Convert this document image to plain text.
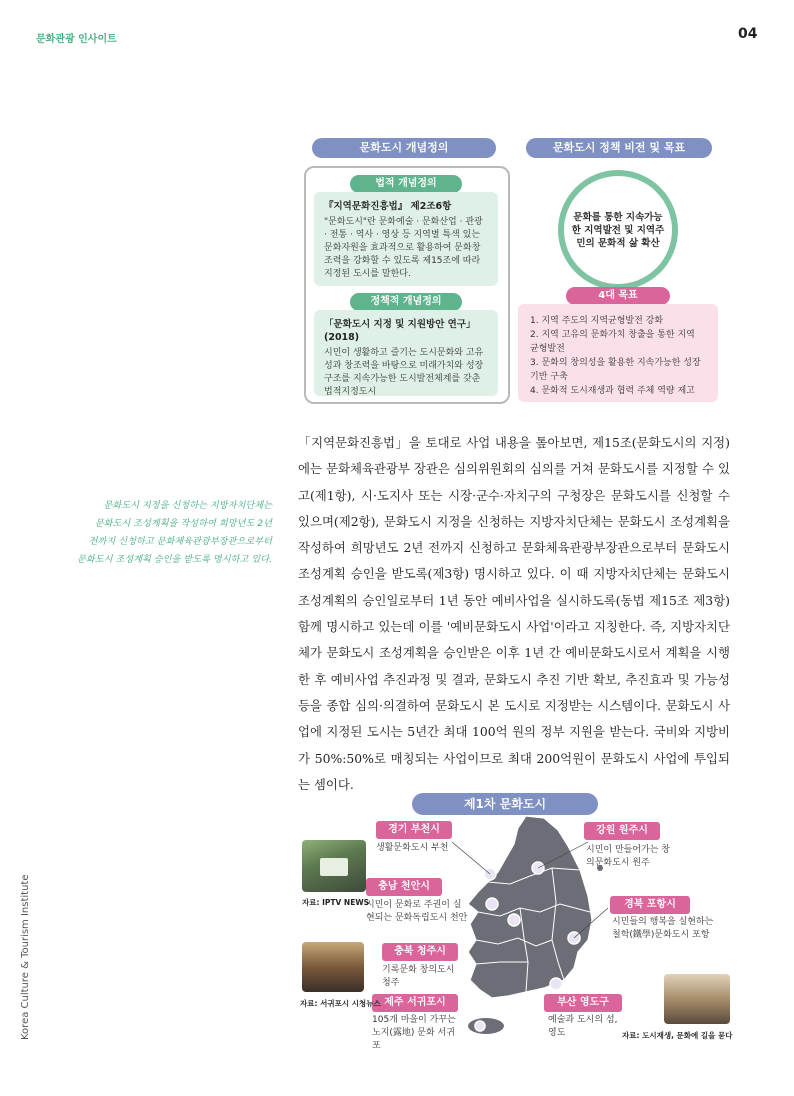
문화관광 인사이트	04
문화도시 개념정의
법적 개념정의
『지역문화진흥법』 제2조6항
"문화도시"란 문화예술 · 문화산업 · 관광 · 전통 · 역사 · 영상 등 지역별 특색 있는 문화자원을 효과적으로 활용하여 문화창조력을 강화할 수 있도록 제15조에 따라 지정된 도시를 말한다.
정책적 개념정의
「문화도시 지정 및 지원방안 연구」(2018)
시민이 생활하고 즐기는 도시문화와 고유성과 창조력을 바탕으로 미래가치와 성장구조를 지속가능한 도시발전체계를 갖춘 법적지정도시
문화도시 정책 비전 및 목표
문화를 통한 지속가능한 지역발전 및 지역주민의 문화적 삶 확산
4대 목표
1. 지역 주도의 지역균형발전 강화
2. 지역 고유의 문화가치 창출을 통한 지역 균형발전
3. 문화의 창의성을 활용한 지속가능한 성장기반 구축
4. 문화적 도시재생과 협력 주체 역량 제고
「지역문화진흥법」을 토대로 사업 내용을 톺아보면, 제15조(문화도시의 지정)에는 문화체육관광부 장관은 심의위원회의 심의를 거쳐 문화도시를 지정할 수 있고(제1항), 시·도지사 또는 시장·군수·자치구의 구청장은 문화도시를 신청할 수 있으며(제2항), 문화도시 지정을 신청하는 지방자치단체는 문화도시 조성계획을 작성하여 희망년도 2년 전까지 신청하고 문화체육관광부장관으로부터 문화도시 조성계획 승인을 받도록(제3항) 명시하고 있다. 이 때 지방자치단체는 문화도시 조성계획의 승인일로부터 1년 동안 예비사업을 실시하도록(동법 제15조 제3항) 함께 명시하고 있는데 이를 '예비문화도시 사업'이라고 지칭한다. 즉, 지방자치단체가 문화도시 조성계획을 승인받은 이후 1년 간 예비문화도시로서 계획을 시행한 후 예비사업 추진과정 및 결과, 문화도시 추진 기반 확보, 추진효과 및 가능성 등을 종합 심의·의결하여 문화도시 본 도시로 지정받는 시스템이다. 문화도시 사업에 지정된 도시는 5년간 최대 100억 원의 정부 지원을 받는다. 국비와 지방비가 50%:50%로 매칭되는 사업이므로 최대 200억원이 문화도시 사업에 투입되는 셈이다.
문화도시 지정을 신청하는 지방자치단체는
문화도시 조성계획을 작성하여 희망년도 2년
전까지 신청하고 문화체육관광부장관으로부터
문화도시 조성계획 승인을 받도록 명시하고 있다.
Korea Culture & Tourism Institute
제1차 문화도시
경기 부천시
생활문화도시 부천
충남 천안시
시민이 문화로 주권이 실현되는 문화독립도시 천안
충북 청주시
기록문화 창의도시 청주
제주 서귀포시
105개 마을이 가꾸는 노지(露地) 문화 서귀포
강원 원주시
시민이 만들어가는 창의문화도시 원주
경북 포항시
시민들의 행복을 실현하는 철학(鐵學)문화도시 포항
부산 영도구
예술과 도시의 섬, 영도
자료: IPTV NEWS
자료: 서귀포시 시청뉴스
자료: 도시재생, 문화에 길을 묻다
